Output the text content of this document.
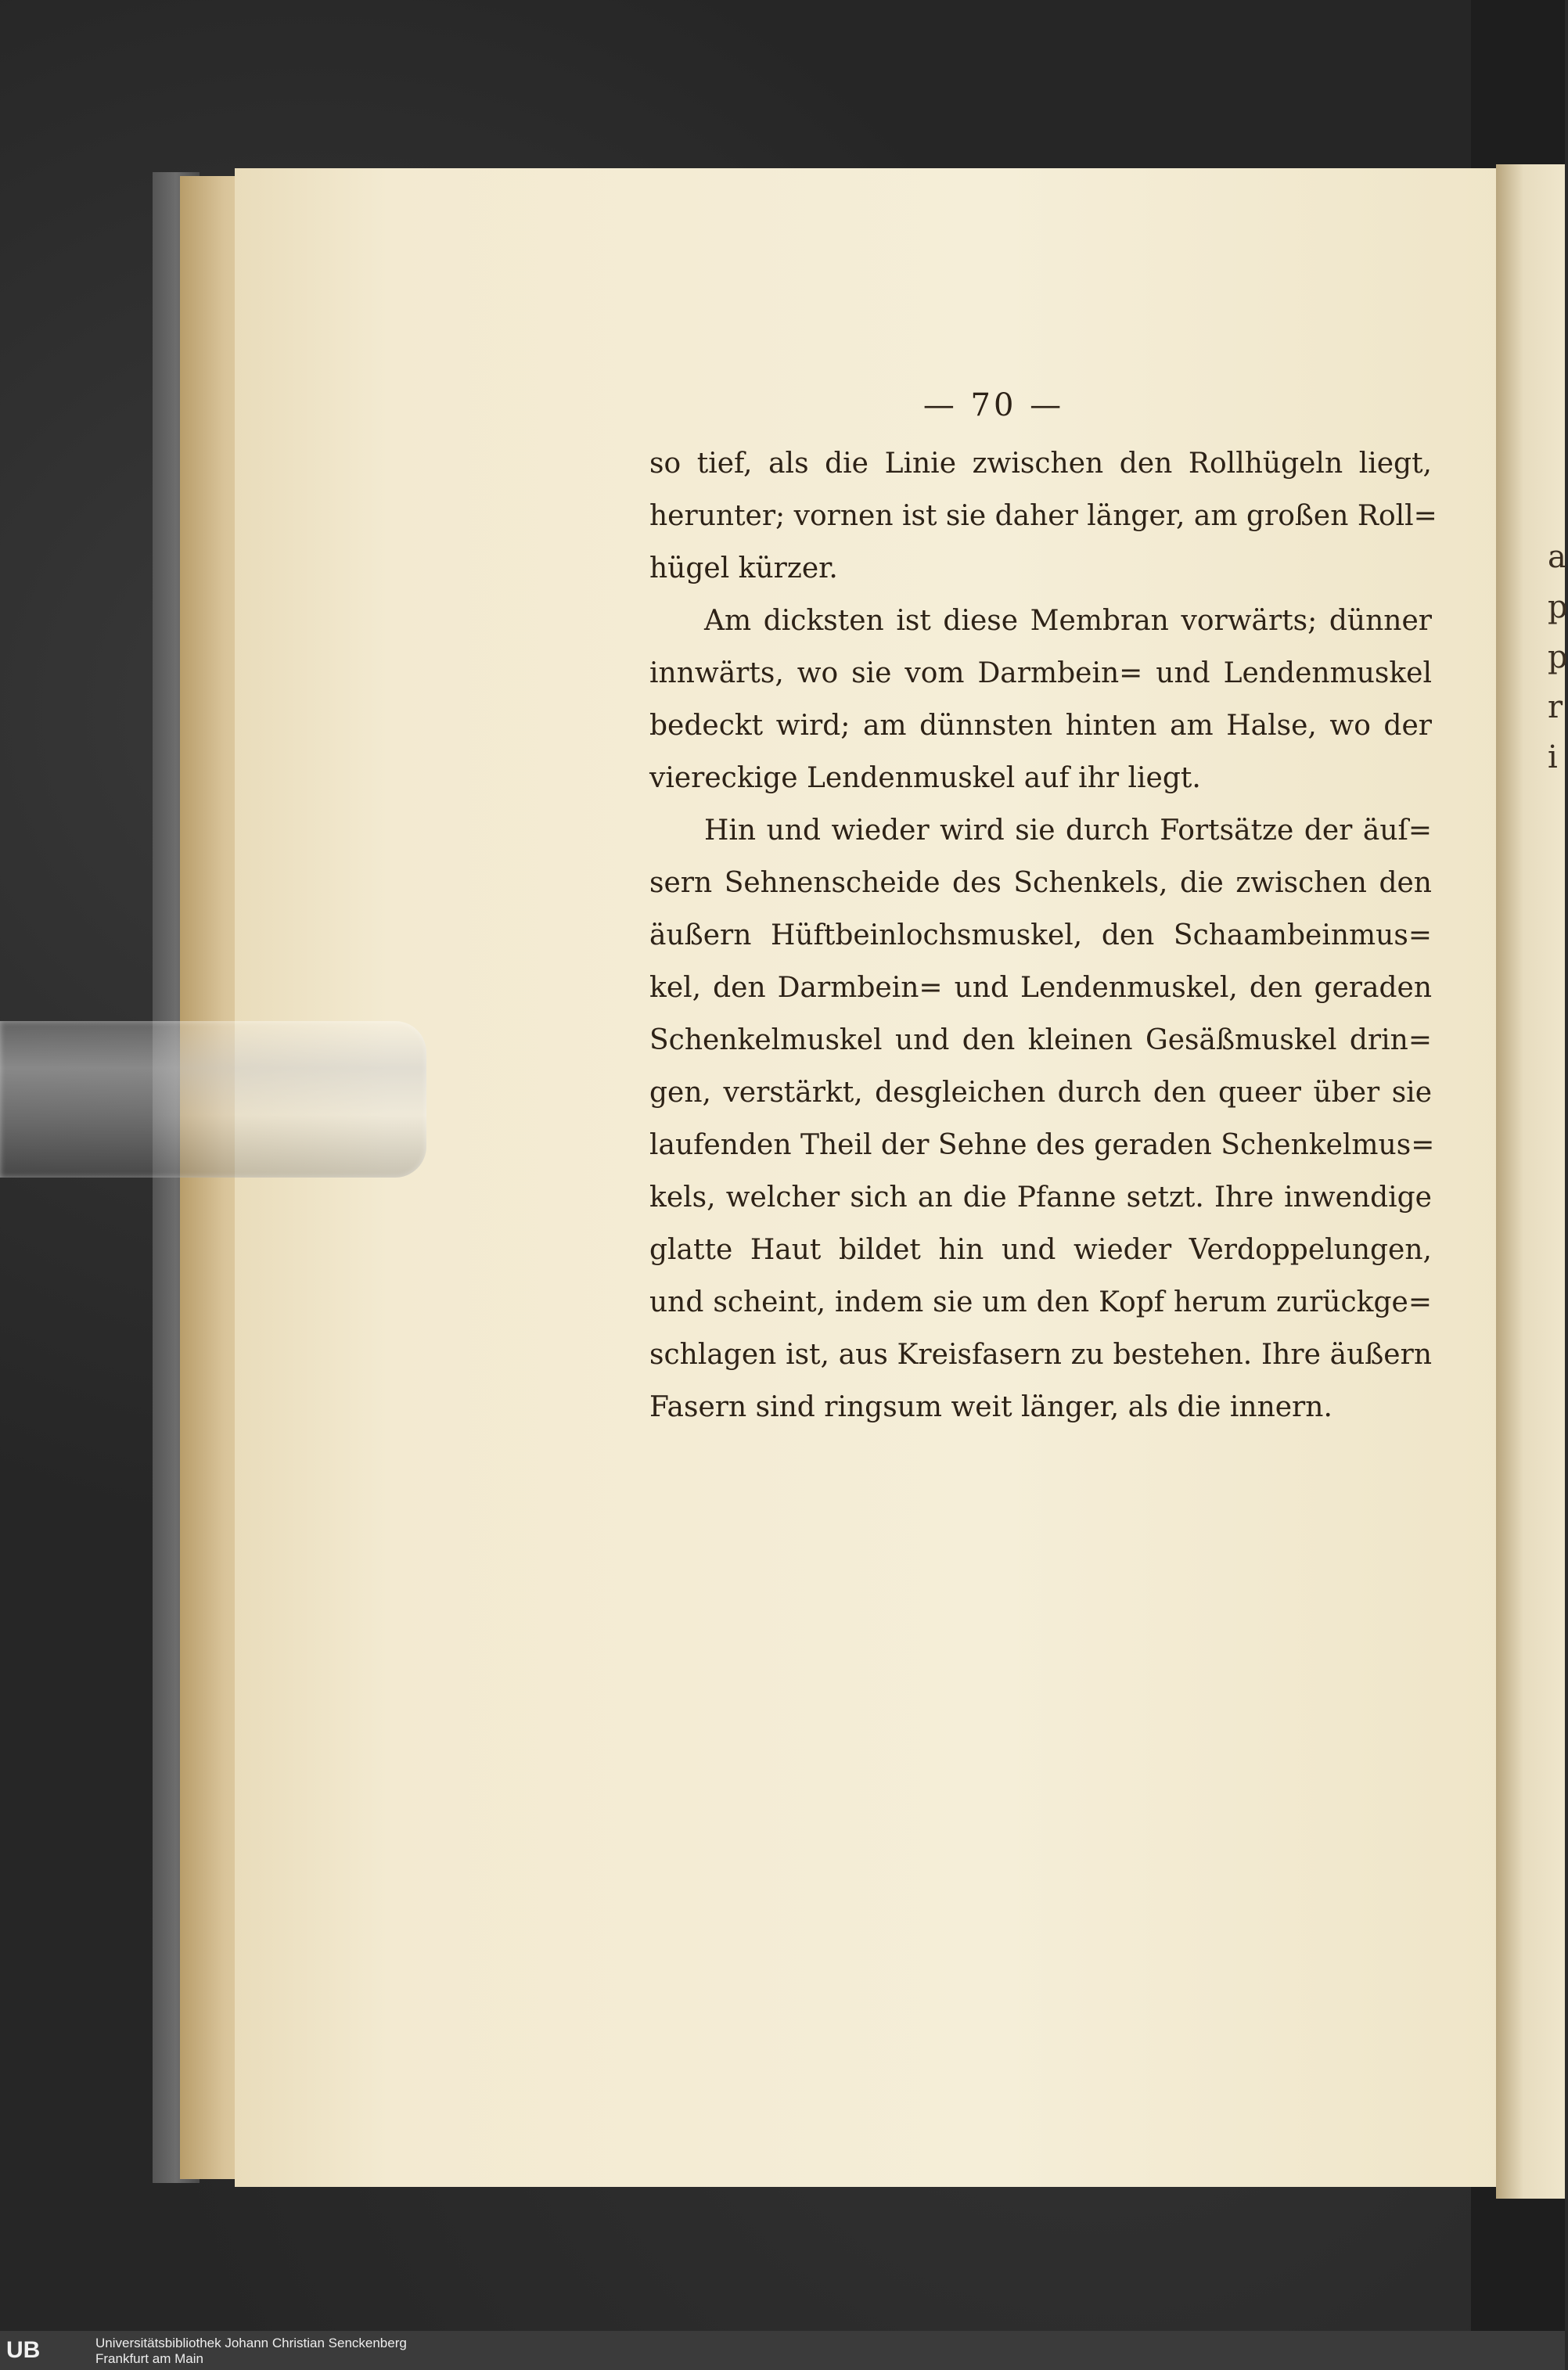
a
p
p
r
i
— 70 —
so tief, als die Linie zwischen den Rollhügeln liegt,
herunter; vornen ist sie daher länger, am großen Roll=
hügel kürzer.
Am dicksten ist diese Membran vorwärts; dünner
innwärts, wo sie vom Darmbein= und Lendenmuskel
bedeckt wird; am dünnsten hinten am Halse, wo der
viereckige Lendenmuskel auf ihr liegt.
Hin und wieder wird sie durch Fortsätze der äuſ=
sern Sehnenscheide des Schenkels, die zwischen den
äußern Hüftbeinlochsmuskel, den Schaambeinmus=
kel, den Darmbein= und Lendenmuskel, den geraden
Schenkelmuskel und den kleinen Gesäßmuskel drin=
gen, verstärkt, desgleichen durch den queer über sie
laufenden Theil der Sehne des geraden Schenkelmus=
kels, welcher sich an die Pfanne setzt. Ihre inwendige
glatte Haut bildet hin und wieder Verdoppelungen,
und scheint, indem sie um den Kopf herum zurückge=
schlagen ist, aus Kreisfasern zu bestehen. Ihre äußern
Fasern sind ringsum weit länger, als die innern.
UB	Universitätsbibliothek Johann Christian Senckenberg
Frankfurt am Main
